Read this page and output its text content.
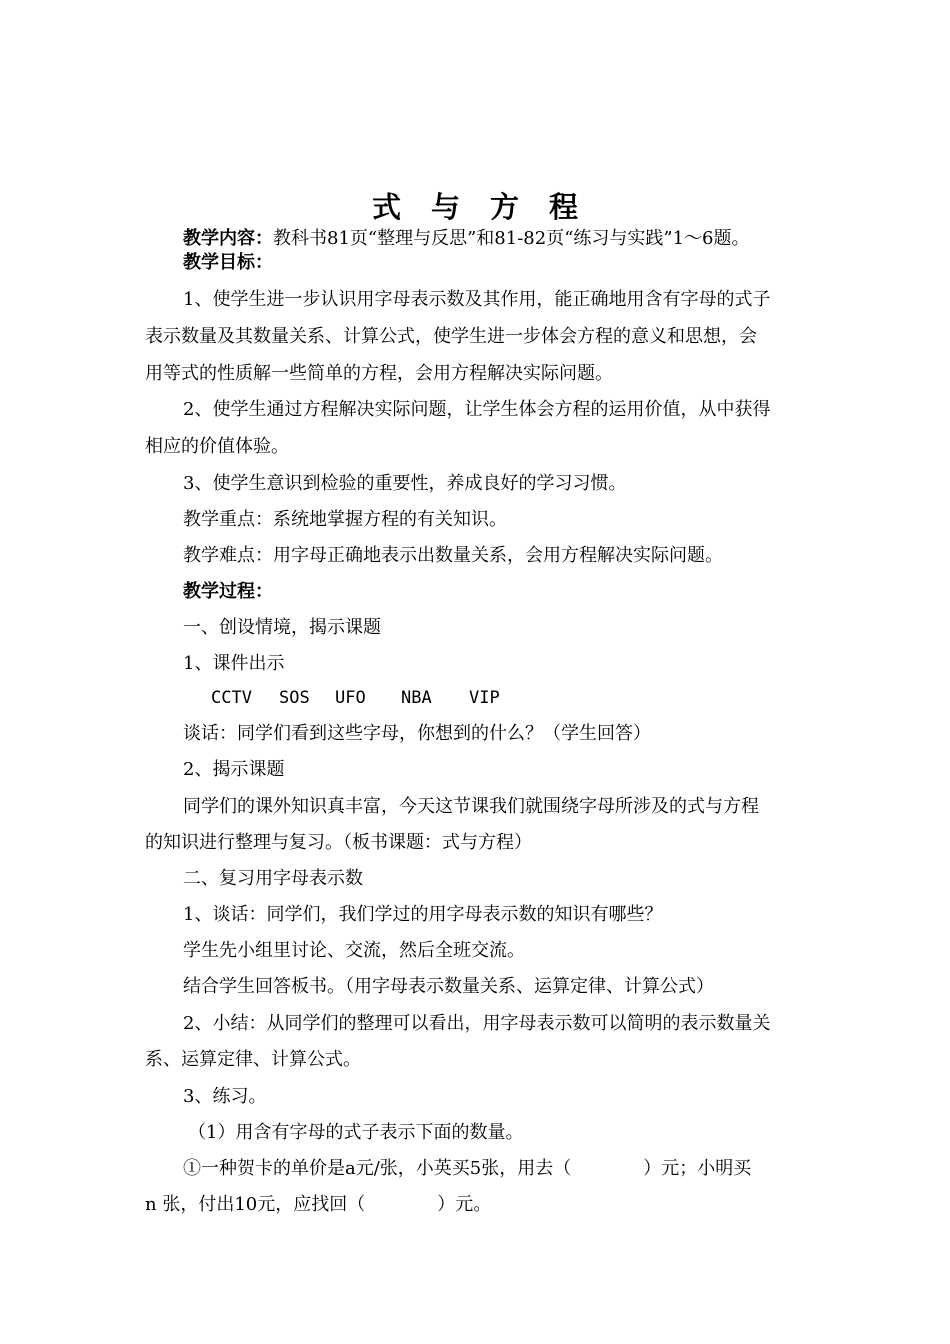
式与方程
教学内容：教科书81页“整理与反思”和81-82页“练习与实践”1～6题。
教学目标：
1、使学生进一步认识用字母表示数及其作用，能正确地用含有字母的式子
表示数量及其数量关系、计算公式，使学生进一步体会方程的意义和思想，会
用等式的性质解一些简单的方程，会用方程解决实际问题。
2、使学生通过方程解决实际问题，让学生体会方程的运用价值，从中获得
相应的价值体验。
3、使学生意识到检验的重要性，养成良好的学习习惯。
教学重点：系统地掌握方程的有关知识。
教学难点：用字母正确地表示出数量关系，会用方程解决实际问题。
教学过程：
一、创设情境，揭示课题
1、课件出示
CCTV SOS UFO NBA VIP
谈话：同学们看到这些字母，你想到的什么？（学生回答）
2、揭示课题
同学们的课外知识真丰富，今天这节课我们就围绕字母所涉及的式与方程
的知识进行整理与复习。（板书课题：式与方程）
二、复习用字母表示数
1、谈话：同学们，我们学过的用字母表示数的知识有哪些？
学生先小组里讨论、交流，然后全班交流。
结合学生回答板书。（用字母表示数量关系、运算定律、计算公式）
2、小结：从同学们的整理可以看出，用字母表示数可以简明的表示数量关
系、运算定律、计算公式。
3、练习。
（1）用含有字母的式子表示下面的数量。
①一种贺卡的单价是a元/张，小英买5张，用去（　　　　）元；小明买
n 张，付出10元，应找回（　　　　）元。
